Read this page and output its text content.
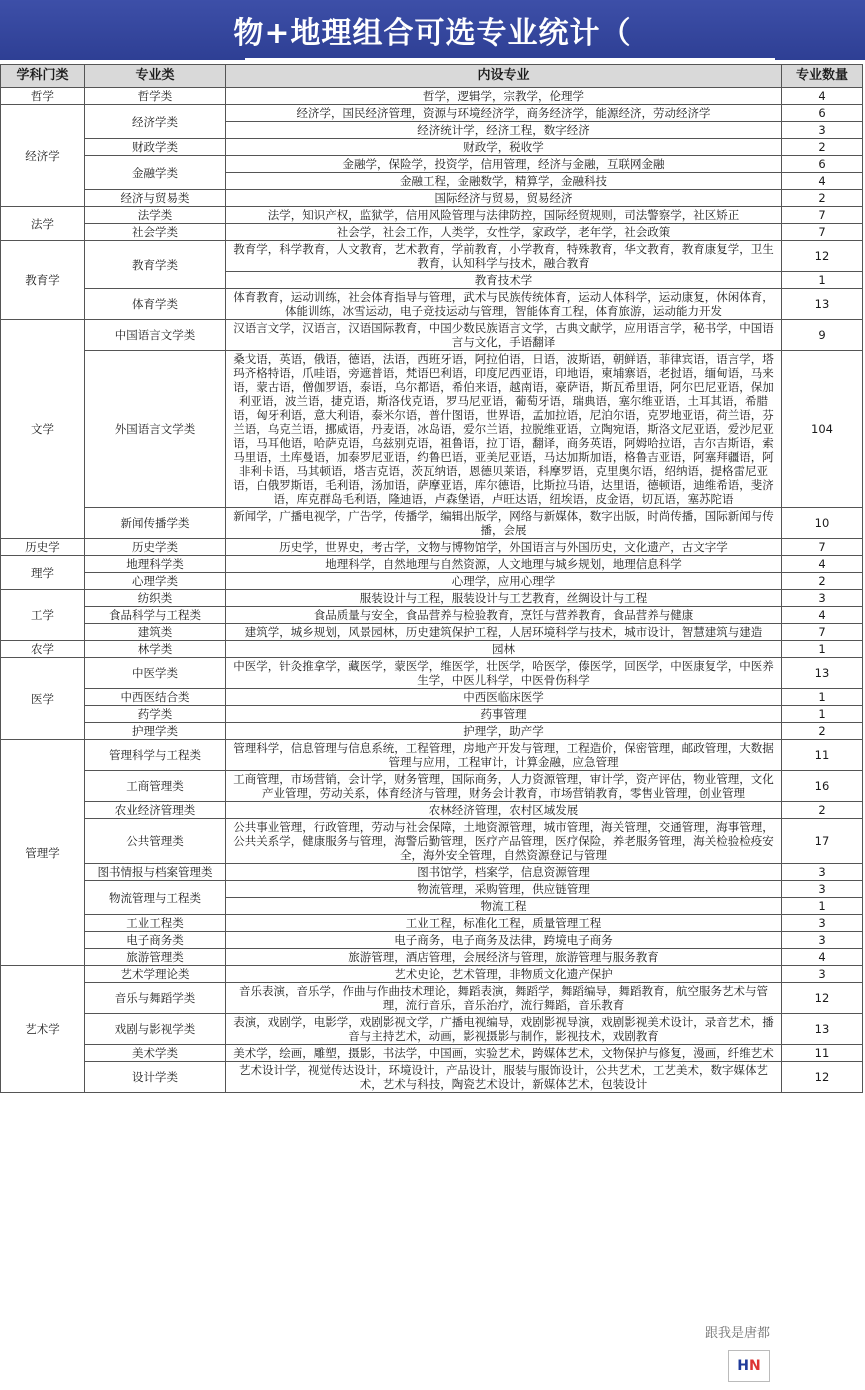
物+地理组合可选专业统计（
学科门类	专业类	内设专业	专业数量
哲学	哲学类	哲学，逻辑学，宗教学，伦理学	4
经济学	经济学类	经济学，国民经济管理，资源与环境经济学，商务经济学，能源经济，劳动经济学	6
		经济统计学，经济工程，数字经济	3
	财政学类	财政学，税收学	2
	金融学类	金融学，保险学，投资学，信用管理，经济与金融，互联网金融	6
		金融工程，金融数学，精算学，金融科技	4
	经济与贸易类	国际经济与贸易，贸易经济	2
法学	法学类	法学，知识产权，监狱学，信用风险管理与法律防控，国际经贸规则，司法警察学，社区矫正	7
	社会学类	社会学，社会工作，人类学，女性学，家政学，老年学，社会政策	7
教育学	教育学类	教育学，科学教育，人文教育，艺术教育，学前教育，小学教育，特殊教育，华文教育，教育康复学，卫生教育，认知科学与技术，融合教育	12
		教育技术学	1
	体育学类	体育教育，运动训练，社会体育指导与管理，武术与民族传统体育，运动人体科学，运动康复，休闲体育，体能训练，冰雪运动，电子竞技运动与管理，智能体育工程，体育旅游，运动能力开发	13
文学	中国语言文学类	汉语言文学，汉语言，汉语国际教育，中国少数民族语言文学，古典文献学，应用语言学，秘书学，中国语言与文化，手语翻译	9
	外国语言文学类	桑戈语，英语，俄语，德语，法语，西班牙语，阿拉伯语，日语，波斯语，朝鲜语，菲律宾语，语言学，塔玛齐格特语，爪哇语，旁遮普语，梵语巴利语，印度尼西亚语，印地语，柬埔寨语，老挝语，缅甸语，马来语，蒙古语，僧伽罗语，泰语，乌尔都语，希伯来语，越南语，豪萨语，斯瓦希里语，阿尔巴尼亚语，保加利亚语，波兰语，捷克语，斯洛伐克语，罗马尼亚语，葡萄牙语，瑞典语，塞尔维亚语，土耳其语，希腊语，匈牙利语，意大利语，泰米尔语，普什图语，世界语，孟加拉语，尼泊尔语，克罗地亚语，荷兰语，芬兰语，乌克兰语，挪威语，丹麦语，冰岛语，爱尔兰语，拉脱维亚语，立陶宛语，斯洛文尼亚语，爱沙尼亚语，马耳他语，哈萨克语，乌兹别克语，祖鲁语，拉丁语，翻译，商务英语，阿姆哈拉语，吉尔吉斯语，索马里语，土库曼语，加泰罗尼亚语，约鲁巴语，亚美尼亚语，马达加斯加语，格鲁吉亚语，阿塞拜疆语，阿非利卡语，马其顿语，塔吉克语，茨瓦纳语，恩德贝莱语，科摩罗语，克里奥尔语，绍纳语，提格雷尼亚语，白俄罗斯语，毛利语，汤加语，萨摩亚语，库尔德语，比斯拉马语，达里语，德顿语，迪维希语，斐济语，库克群岛毛利语，隆迪语，卢森堡语，卢旺达语，纽埃语，皮金语，切瓦语，塞苏陀语	104
	新闻传播学类	新闻学，广播电视学，广告学，传播学，编辑出版学，网络与新媒体，数字出版，时尚传播，国际新闻与传播，会展	10
历史学	历史学类	历史学，世界史，考古学，文物与博物馆学，外国语言与外国历史，文化遗产，古文字学	7
理学	地理科学类	地理科学，自然地理与自然资源，人文地理与城乡规划，地理信息科学	4
	心理学类	心理学，应用心理学	2
工学	纺织类	服装设计与工程，服装设计与工艺教育，丝绸设计与工程	3
	食品科学与工程类	食品质量与安全，食品营养与检验教育，烹饪与营养教育，食品营养与健康	4
	建筑类	建筑学，城乡规划，风景园林，历史建筑保护工程，人居环境科学与技术，城市设计，智慧建筑与建造	7
农学	林学类	园林	1
医学	中医学类	中医学，针灸推拿学，藏医学，蒙医学，维医学，壮医学，哈医学，傣医学，回医学，中医康复学，中医养生学，中医儿科学，中医骨伤科学	13
	中西医结合类	中西医临床医学	1
	药学类	药事管理	1
	护理学类	护理学，助产学	2
管理学	管理科学与工程类	管理科学，信息管理与信息系统，工程管理，房地产开发与管理，工程造价，保密管理，邮政管理，大数据管理与应用，工程审计，计算金融，应急管理	11
	工商管理类	工商管理，市场营销，会计学，财务管理，国际商务，人力资源管理，审计学，资产评估，物业管理，文化产业管理，劳动关系，体育经济与管理，财务会计教育，市场营销教育，零售业管理，创业管理	16
	农业经济管理类	农林经济管理，农村区域发展	2
	公共管理类	公共事业管理，行政管理，劳动与社会保障，土地资源管理，城市管理，海关管理，交通管理，海事管理，公共关系学，健康服务与管理，海警后勤管理，医疗产品管理，医疗保险，养老服务管理，海关检验检疫安全，海外安全管理，自然资源登记与管理	17
	图书情报与档案管理类	图书馆学，档案学，信息资源管理	3
	物流管理与工程类	物流管理，采购管理，供应链管理	3
		物流工程	1
	工业工程类	工业工程，标准化工程，质量管理工程	3
	电子商务类	电子商务，电子商务及法律，跨境电子商务	3
	旅游管理类	旅游管理，酒店管理，会展经济与管理，旅游管理与服务教育	4
艺术学	艺术学理论类	艺术史论，艺术管理，非物质文化遗产保护	3
	音乐与舞蹈学类	音乐表演，音乐学，作曲与作曲技术理论，舞蹈表演，舞蹈学，舞蹈编导，舞蹈教育，航空服务艺术与管理，流行音乐，音乐治疗，流行舞蹈，音乐教育	12
	戏剧与影视学类	表演，戏剧学，电影学，戏剧影视文学，广播电视编导，戏剧影视导演，戏剧影视美术设计，录音艺术，播音与主持艺术，动画，影视摄影与制作，影视技术，戏剧教育	13
	美术学类	美术学，绘画，雕塑，摄影，书法学，中国画，实验艺术，跨媒体艺术，文物保护与修复，漫画，纤维艺术	11
	设计学类	艺术设计学，视觉传达设计，环境设计，产品设计，服装与服饰设计，公共艺术，工艺美术，数字媒体艺术，艺术与科技，陶瓷艺术设计，新媒体艺术，包装设计	12
跟我是唐都
HN
